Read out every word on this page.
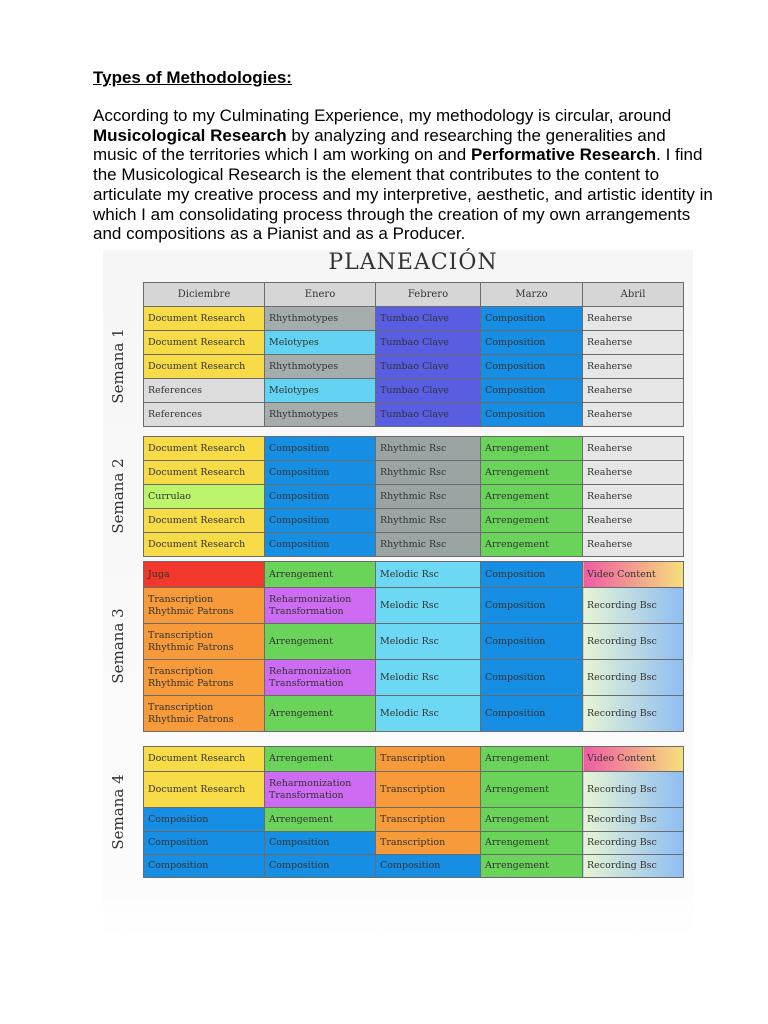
Types of Methodologies:

According to my Culminating Experience, my methodology is circular, around Musicological Research by analyzing and researching the generalities and music of the territories which I am working on and Performative Research. I find the Musicological Research is the element that contributes to the content to articulate my creative process and my interpretive, aesthetic, and artistic identity in which I am consolidating process through the creation of my own arrangements and compositions as a Pianist and as a Producer.

PLANEACIÓN
Diciembre	Enero	Febrero	Marzo	Abril
Document Research	Rhythmotypes	Tumbao Clave	Composition	Reaherse
Document Research	Melotypes	Tumbao Clave	Composition	Reaherse
Document Research	Rhythmotypes	Tumbao Clave	Composition	Reaherse
References	Melotypes	Tumbao Clave	Composition	Reaherse
References	Rhythmotypes	Tumbao Clave	Composition	Reaherse
Semana 1
Document Research	Composition	Rhythmic Rsc	Arrengement	Reaherse
Document Research	Composition	Rhythmic Rsc	Arrengement	Reaherse
Currulao	Composition	Rhythmic Rsc	Arrengement	Reaherse
Document Research	Composition	Rhythmic Rsc	Arrengement	Reaherse
Document Research	Composition	Rhythmic Rsc	Arrengement	Reaherse
Semana 2
Juga	Arrengement	Melodic Rsc	Composition	Video Content
Transcription Rhythmic Patrons	Reharmonization Transformation	Melodic Rsc	Composition	Recording Bsc
Transcription Rhythmic Patrons	Arrengement	Melodic Rsc	Composition	Recording Bsc
Transcription Rhythmic Patrons	Reharmonization Transformation	Melodic Rsc	Composition	Recording Bsc
Transcription Rhythmic Patrons	Arrengement	Melodic Rsc	Composition	Recording Bsc
Semana 3
Document Research	Arrengement	Transcription	Arrengement	Video Content
Document Research	Reharmonization Transformation	Transcription	Arrengement	Recording Bsc
Composition	Arrengement	Transcription	Arrengement	Recording Bsc
Composition	Composition	Transcription	Arrengement	Recording Bsc
Composition	Composition	Composition	Arrengement	Recording Bsc
Semana 4
